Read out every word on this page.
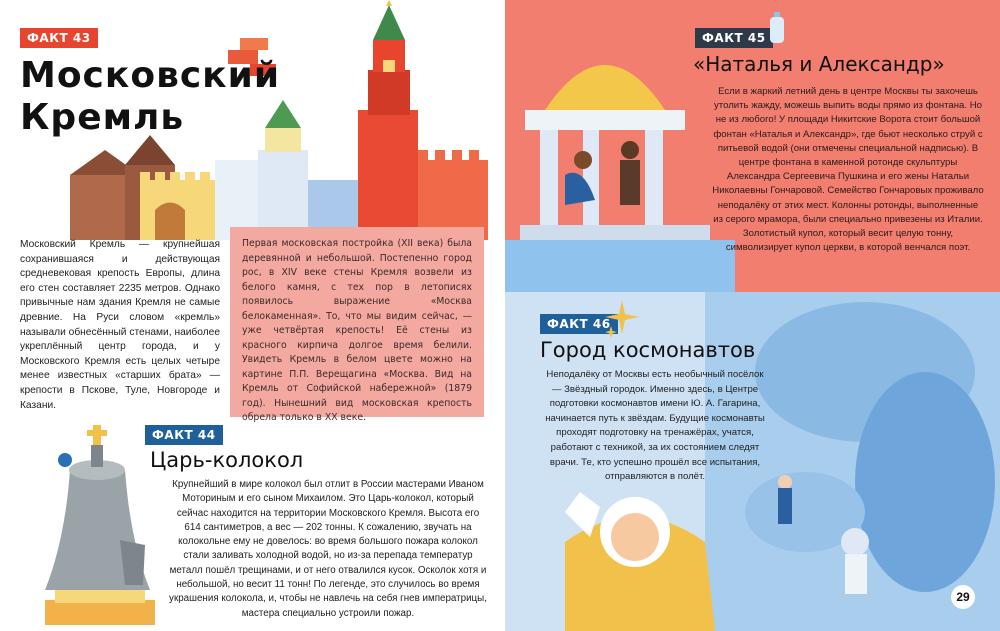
ФАКТ 43
Московский
Кремль
Московский Кремль — крупнейшая сохранившаяся и действующая средневековая крепость Европы, длина его стен составляет 2235 метров. Однако привычные нам здания Кремля не самые древние. На Руси словом «кремль» называли обнесённый стенами, наиболее укреплённый центр города, и у Московского Кремля есть целых четыре менее известных «старших брата» — крепости в Пскове, Туле, Новгороде и Казани.
Первая московская постройка (XII века) была деревянной и небольшой. Постепенно город рос, в XIV веке стены Кремля возвели из белого камня, с тех пор в летописях появилось выражение «Москва белокаменная». То, что мы видим сейчас, — уже четвёртая крепость! Её стены из красного кирпича долгое время белили. Увидеть Кремль в белом цвете можно на картине П.П. Верещагина «Москва. Вид на Кремль от Софийской набережной» (1879 год). Нынешний вид московская крепость обрела только в XX веке.
ФАКТ 44
Царь-колокол
Крупнейший в мире колокол был отлит в России мастерами Иваном Моториным и его сыном Михаилом. Это Царь-колокол, который сейчас находится на территории Московского Кремля. Высота его 614 сантиметров, а вес — 202 тонны. К сожалению, звучать на колокольне ему не довелось: во время большого пожара колокол стали заливать холодной водой, но из-за перепада температур металл пошёл трещинами, и от него отвалился кусок. Осколок хотя и небольшой, но весит 11 тонн! По легенде, это случилось во время украшения колокола, и, чтобы не навлечь на себя гнев императрицы, мастера специально устроили пожар.
ФАКТ 45
«Наталья и Александр»
Если в жаркий летний день в центре Москвы ты захочешь утолить жажду, можешь выпить воды прямо из фонтана. Но не из любого! У площади Никитские Ворота стоит большой фонтан «Наталья и Александр», где бьют несколько струй с питьевой водой (они отмечены специальной надписью). В центре фонтана в каменной ротонде скульптуры Александра Сергеевича Пушкина и его жены Натальи Николаевны Гончаровой. Семейство Гончаровых проживало неподалёку от этих мест. Колонны ротонды, выполненные из серого мрамора, были специально привезены из Италии. Золотистый купол, который весит целую тонну, символизирует купол церкви, в которой венчался поэт.
ФАКТ 46
Город космонавтов
Неподалёку от Москвы есть необычный посёлок — Звёздный городок. Именно здесь, в Центре подготовки космонавтов имени Ю. А. Гагарина, начинается путь к звёздам. Будущие космонавты проходят подготовку на тренажёрах, учатся, работают с техникой, за их состоянием следят врачи. Те, кто успешно прошёл все испытания, отправляются в полёт.
29
